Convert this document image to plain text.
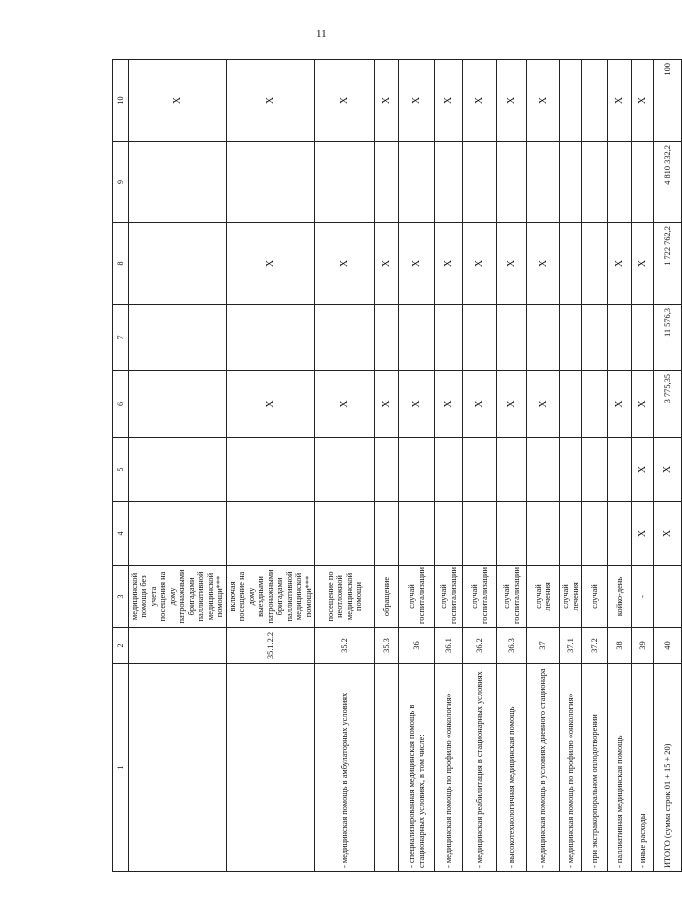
11
1	2	3	4	5	6	7	8	9	10
		медицинской помощи без учета посещения на дому патронажными бригадами паллиативной медицинской помощи***							X
	35.1.2.2	включая посещение на дому выездными патронажными бригадами паллиативной медицинской помощи***			X		X		X
- медицинская помощь в амбулаторных условиях	35.2	посещение по неотложной медицинской помощи			X		X		X
	35.3	обращение			X		X		X
- специализированная медицинская помощь в стационарных условиях, в том числе:	36	случай госпитализации			X		X		X
- медицинская помощь по профилю «онкология»	36.1	случай госпитализации			X		X		X
- медицинская реабилитация в стационарных условиях	36.2	случай госпитализации			X		X		X
- высокотехнологичная медицинская помощь	36.3	случай госпитализации			X		X		X
- медицинская помощь в условиях дневного стационара	37	случай лечения			X		X		X
- медицинская помощь по профилю «онкология»	37.1	случай лечения							
- при экстракорпоральном оплодотворении	37.2	случай							
- паллиативная медицинская помощь	38	койко-день			X		X		X
- иные расходы	39	-	X	X	X		X		X
ИТОГО (сумма строк 01 + 15 + 20)	40		X	X	3 775,35	11 576,3	1 722 762,2	4 810 332,2	100
